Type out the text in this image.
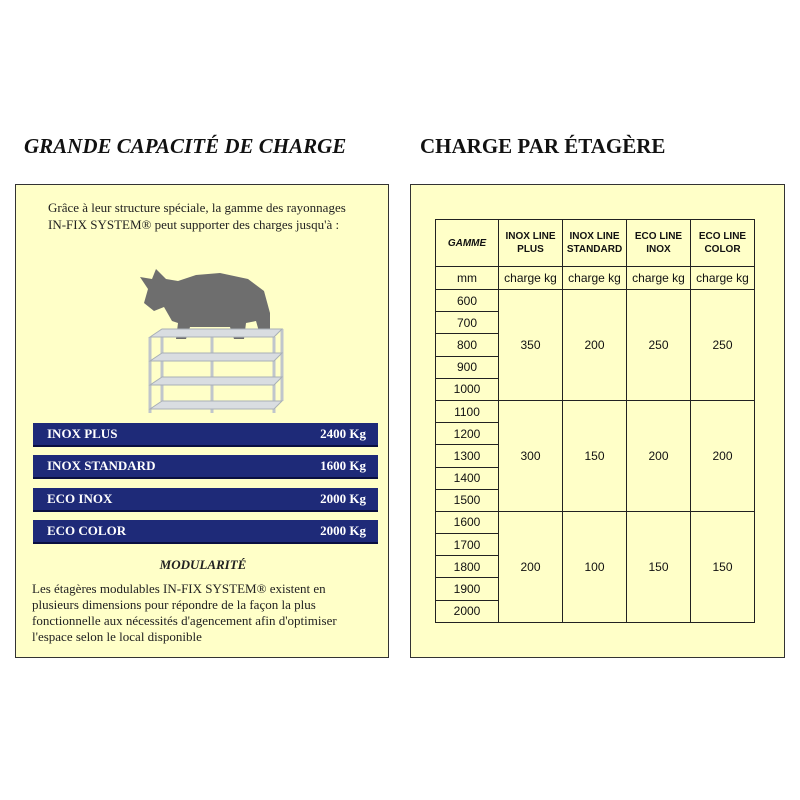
GRANDE CAPACITÉ DE CHARGE	CHARGE PAR ÉTAGÈRE
Grâce à leur structure spéciale, la gamme des rayonnages IN-FIX SYSTEM® peut supporter des charges jusqu'à :
INOX PLUS	2400 Kg
INOX STANDARD	1600 Kg
ECO INOX	2000 Kg
ECO COLOR	2000 Kg
MODULARITÉ
Les étagères modulables IN-FIX SYSTEM® existent en plusieurs dimensions pour répondre de la façon la plus fonctionnelle aux nécessités d'agencement afin d'optimiser l'espace selon le local disponible
GAMME	INOX LINE PLUS	INOX LINE STANDARD	ECO LINE INOX	ECO LINE COLOR
mm	charge kg	charge kg	charge kg	charge kg
600	350	200	250	250
700				
800				
900				
1000				
1100	300	150	200	200
1200				
1300				
1400				
1500				
1600	200	100	150	150
1700				
1800				
1900				
2000				
